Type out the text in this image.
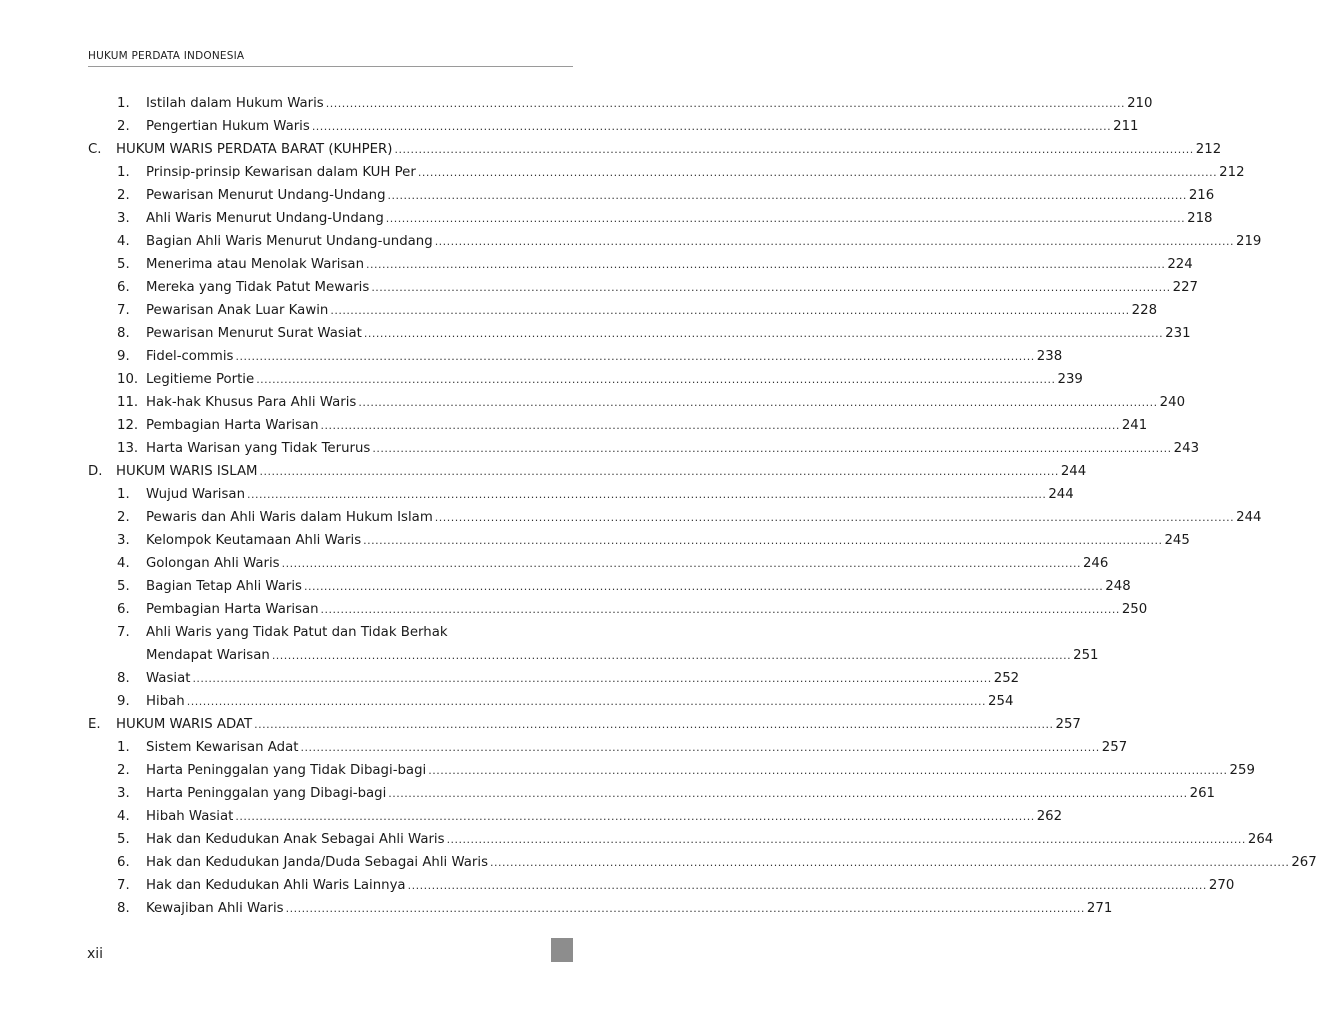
HUKUM PERDATA INDONESIA
1. Istilah dalam Hukum Waris ........................................................................................................................................................................................................ 210
2. Pengertian Hukum Waris ........................................................................................................................................................................................................ 211
C. HUKUM WARIS PERDATA BARAT (KUHPER) ........................................................................................................................................................................................................ 212
1. Prinsip-prinsip Kewarisan dalam KUH Per ........................................................................................................................................................................................................ 212
2. Pewarisan Menurut Undang-Undang ........................................................................................................................................................................................................ 216
3. Ahli Waris Menurut Undang-Undang ........................................................................................................................................................................................................ 218
4. Bagian Ahli Waris Menurut Undang-undang ........................................................................................................................................................................................................ 219
5. Menerima atau Menolak Warisan ........................................................................................................................................................................................................ 224
6. Mereka yang Tidak Patut Mewaris ........................................................................................................................................................................................................ 227
7. Pewarisan Anak Luar Kawin ........................................................................................................................................................................................................ 228
8. Pewarisan Menurut Surat Wasiat ........................................................................................................................................................................................................ 231
9. Fidel-commis ........................................................................................................................................................................................................ 238
10. Legitieme Portie ........................................................................................................................................................................................................ 239
11. Hak-hak Khusus Para Ahli Waris ........................................................................................................................................................................................................ 240
12. Pembagian Harta Warisan ........................................................................................................................................................................................................ 241
13. Harta Warisan yang Tidak Terurus ........................................................................................................................................................................................................ 243
D. HUKUM WARIS ISLAM ........................................................................................................................................................................................................ 244
1. Wujud Warisan ........................................................................................................................................................................................................ 244
2. Pewaris dan Ahli Waris dalam Hukum Islam ........................................................................................................................................................................................................ 244
3. Kelompok Keutamaan Ahli Waris ........................................................................................................................................................................................................ 245
4. Golongan Ahli Waris ........................................................................................................................................................................................................ 246
5. Bagian Tetap Ahli Waris ........................................................................................................................................................................................................ 248
6. Pembagian Harta Warisan ........................................................................................................................................................................................................ 250
7. Ahli Waris yang Tidak Patut dan Tidak Berhak
Mendapat Warisan ........................................................................................................................................................................................................ 251
8. Wasiat ........................................................................................................................................................................................................ 252
9. Hibah ........................................................................................................................................................................................................ 254
E. HUKUM WARIS ADAT ........................................................................................................................................................................................................ 257
1. Sistem Kewarisan Adat ........................................................................................................................................................................................................ 257
2. Harta Peninggalan yang Tidak Dibagi-bagi ........................................................................................................................................................................................................ 259
3. Harta Peninggalan yang Dibagi-bagi ........................................................................................................................................................................................................ 261
4. Hibah Wasiat ........................................................................................................................................................................................................ 262
5. Hak dan Kedudukan Anak Sebagai Ahli Waris ........................................................................................................................................................................................................ 264
6. Hak dan Kedudukan Janda/Duda Sebagai Ahli Waris ........................................................................................................................................................................................................ 267
7. Hak dan Kedudukan Ahli Waris Lainnya ........................................................................................................................................................................................................ 270
8. Kewajiban Ahli Waris ........................................................................................................................................................................................................ 271
xii
